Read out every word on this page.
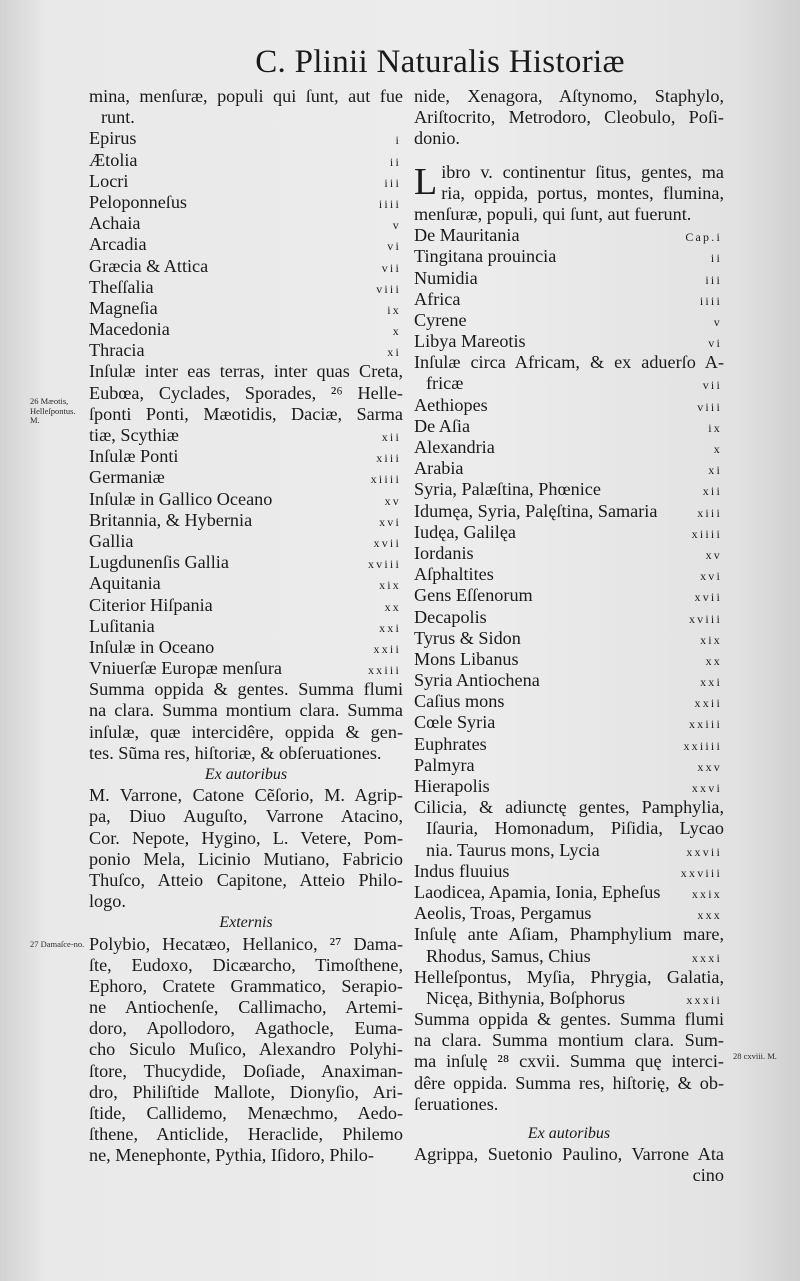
C. Plinii Naturalis Historiæ
26 Mæotis, Helleſpontus. M.
27 Damaſce-no.
28 cxviii. M.
mina, menſuræ, populi qui ſunt, aut fue
runt.
Epirus	i
Ætolia	ii
Locri	iii
Peloponneſus	iiii
Achaia	v
Arcadia	vi
Græcia & Attica	vii
Theſſalia	viii
Magneſia	ix
Macedonia	x
Thracia	xi
Inſulæ inter eas terras, inter quas Creta,
Eubœa, Cyclades, Sporades, ²⁶ Helle-
ſponti Ponti, Mæotidis, Daciæ, Sarma
tiæ, Scythiæ	xii
Inſulæ Ponti	xiii
Germaniæ	xiiii
Inſulæ in Gallico Oceano	xv
Britannia, & Hybernia	xvi
Gallia	xvii
Lugdunenſis Gallia	xviii
Aquitania	xix
Citerior Hiſpania	xx
Luſitania	xxi
Inſulæ in Oceano	xxii
Vniuerſæ Europæ menſura	xxiii
Summa oppida & gentes. Summa flumi
na clara. Summa montium clara. Summa
inſulæ, quæ intercidêre, oppida & gen-
tes. Sũma res, hiſtoriæ, & obſeruationes.
Ex autoribus
M. Varrone, Catone Cẽſorio, M. Agrip-
pa, Diuo Auguſto, Varrone Atacino,
Cor. Nepote, Hygino, L. Vetere, Pom-
ponio Mela, Licinio Mutiano, Fabricio
Thuſco, Atteio Capitone, Atteio Philo-
logo.
Externis
Polybio, Hecatæo, Hellanico, ²⁷ Dama-
ſte, Eudoxo, Dicæarcho, Timoſthene,
Ephoro, Cratete Grammatico, Serapio-
ne Antiochenſe, Callimacho, Artemi-
doro, Apollodoro, Agathocle, Euma-
cho Siculo Muſico, Alexandro Polyhi-
ſtore, Thucydide, Doſiade, Anaximan-
dro, Philiſtide Mallote, Dionyſio, Ari-
ſtide, Callidemo, Menæchmo, Aedo-
ſthene, Anticlide, Heraclide, Philemo
ne, Menephonte, Pythia, Iſidoro, Philo-
nide, Xenagora, Aſtynomo, Staphylo,
Ariſtocrito, Metrodoro, Cleobulo, Poſi-
donio.
L ibro v. continentur ſitus, gentes, ma
ria, oppida, portus, montes, flumina,
menſuræ, populi, qui ſunt, aut fuerunt.
De Mauritania	Cap.i
Tingitana prouincia	ii
Numidia	iii
Africa	iiii
Cyrene	v
Libya Mareotis	vi
Inſulæ circa Africam, & ex aduerſo A-
fricæ	vii
Aethiopes	viii
De Aſia	ix
Alexandria	x
Arabia	xi
Syria, Palæſtina, Phœnice	xii
Idumęa, Syria, Palęſtina, Samaria	xiii
Iudęa, Galilęa	xiiii
Iordanis	xv
Aſphaltites	xvi
Gens Eſſenorum	xvii
Decapolis	xviii
Tyrus & Sidon	xix
Mons Libanus	xx
Syria Antiochena	xxi
Caſius mons	xxii
Cœle Syria	xxiii
Euphrates	xxiiii
Palmyra	xxv
Hierapolis	xxvi
Cilicia, & adiunctę gentes, Pamphylia,
Iſauria, Homonadum, Piſidia, Lycao
nia. Taurus mons, Lycia	xxvii
Indus fluuius	xxviii
Laodicea, Apamia, Ionia, Epheſus	xxix
Aeolis, Troas, Pergamus	xxx
Inſulę ante Aſiam, Phamphylium mare,
Rhodus, Samus, Chius	xxxi
Helleſpontus, Myſia, Phrygia, Galatia,
Nicęa, Bithynia, Boſphorus	xxxii
Summa oppida & gentes. Summa flumi
na clara. Summa montium clara. Sum-
ma inſulę ²⁸ cxvii. Summa quę interci-
dêre oppida. Summa res, hiſtorię, & ob-
ſeruationes.
Ex autoribus
Agrippa, Suetonio Paulino, Varrone Ata
cino
